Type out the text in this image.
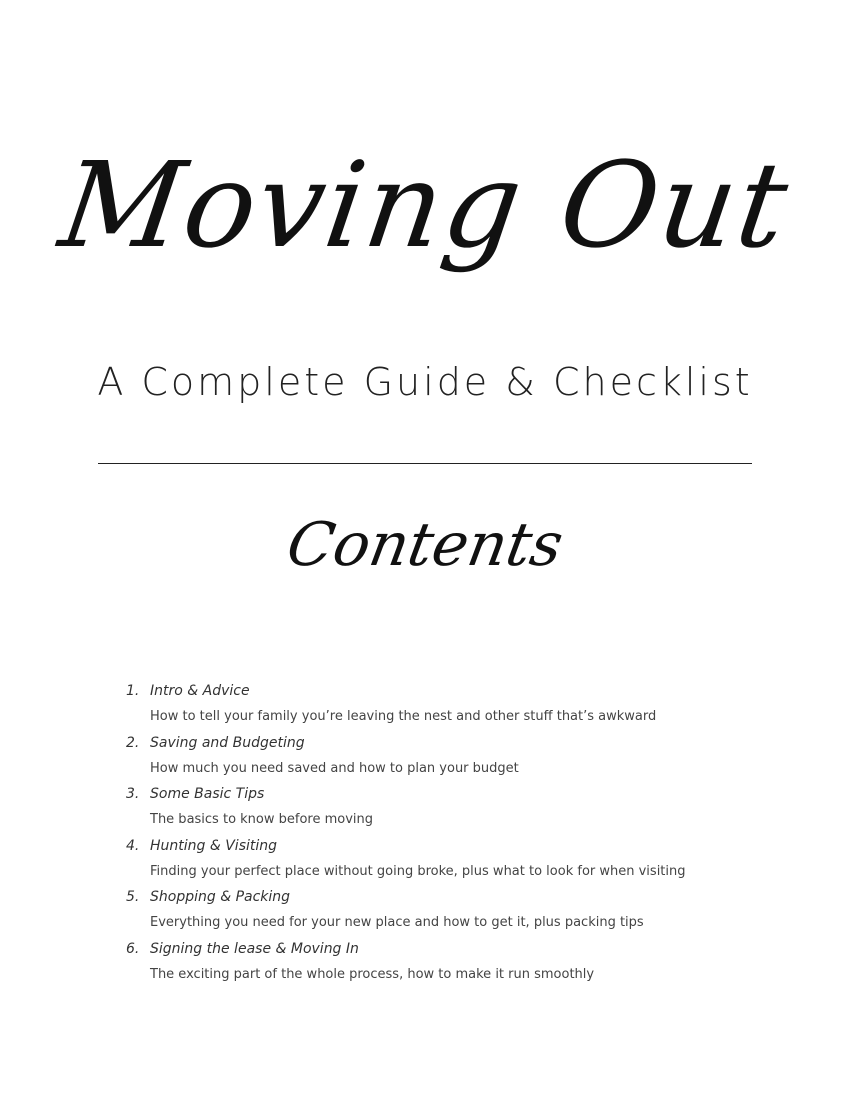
Moving Out
A Complete Guide & Checklist
Contents
1. Intro & Advice
How to tell your family you’re leaving the nest and other stuff that’s awkward
2. Saving and Budgeting
How much you need saved and how to plan your budget
3. Some Basic Tips
The basics to know before moving
4. Hunting & Visiting
Finding your perfect place without going broke, plus what to look for when visiting
5. Shopping & Packing
Everything you need for your new place and how to get it, plus packing tips
6. Signing the lease & Moving In
The exciting part of the whole process, how to make it run smoothly
